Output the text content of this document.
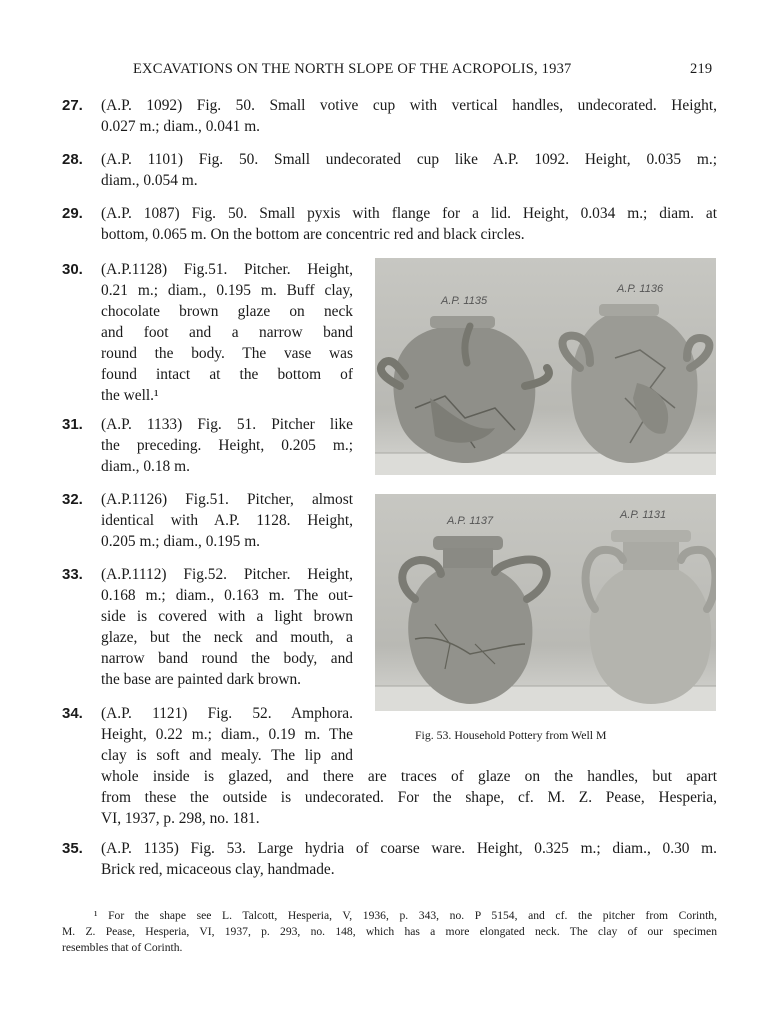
EXCAVATIONS ON THE NORTH SLOPE OF THE ACROPOLIS, 1937	219
27. (A.P. 1092) Fig. 50. Small votive cup with vertical handles, undecorated. Height,
0.027 m.; diam., 0.041 m.
28. (A.P. 1101) Fig. 50. Small undecorated cup like A.P. 1092. Height, 0.035 m.;
diam., 0.054 m.
29. (A.P. 1087) Fig. 50. Small pyxis with flange for a lid. Height, 0.034 m.; diam. at
bottom, 0.065 m. On the bottom are concentric red and black circles.
30. (A.P.1128) Fig.51. Pitcher. Height,
0.21 m.; diam., 0.195 m. Buff clay,
chocolate brown glaze on neck
and foot and a narrow band
round the body. The vase was
found intact at the bottom of
the well.¹
31. (A.P. 1133) Fig. 51. Pitcher like
the preceding. Height, 0.205 m.;
diam., 0.18 m.
32. (A.P.1126) Fig.51. Pitcher, almost
identical with A.P. 1128. Height,
0.205 m.; diam., 0.195 m.
33. (A.P.1112) Fig.52. Pitcher. Height,
0.168 m.; diam., 0.163 m. The out-
side is covered with a light brown
glaze, but the neck and mouth, a
narrow band round the body, and
the base are painted dark brown.
34. (A.P. 1121) Fig. 52. Amphora.
Height, 0.22 m.; diam., 0.19 m. The
clay is soft and mealy. The lip and
whole inside is glazed, and there are traces of glaze on the handles, but apart
from these the outside is undecorated. For the shape, cf. M. Z. Pease, Hesperia,
VI, 1937, p. 298, no. 181.
35. (A.P. 1135) Fig. 53. Large hydria of coarse ware. Height, 0.325 m.; diam., 0.30 m.
Brick red, micaceous clay, handmade.
A.P. 1135
A.P. 1136
A.P. 1137	A.P. 1131
Fig. 53. Household Pottery from Well M
¹ For the shape see L. Talcott, Hesperia, V, 1936, p. 343, no. P 5154, and cf. the pitcher from Corinth,
M. Z. Pease, Hesperia, VI, 1937, p. 293, no. 148, which has a more elongated neck. The clay of our specimen
resembles that of Corinth.
